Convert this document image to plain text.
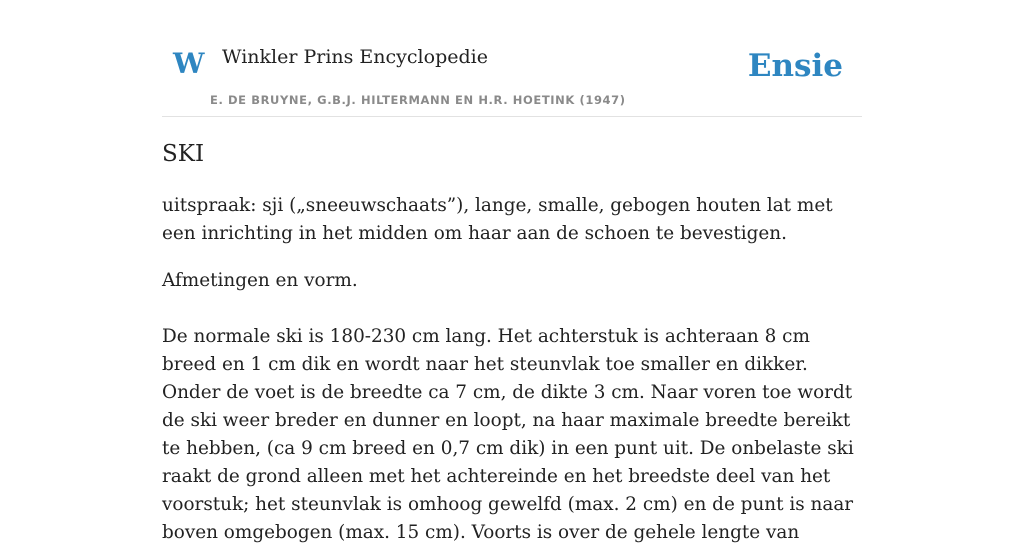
W Winkler Prins Encyclopedie
E. DE BRUYNE, G.B.J. HILTERMANN EN H.R. HOETINK (1947)
Ensie
SKI

uitspraak: sji („sneeuwschaats”), lange, smalle, gebogen houten lat met een inrichting in het midden om haar aan de schoen te bevestigen.

Afmetingen en vorm.

De normale ski is 180-230 cm lang. Het achterstuk is achteraan 8 cm breed en 1 cm dik en wordt naar het steunvlak toe smaller en dikker. Onder de voet is de breedte ca 7 cm, de dikte 3 cm. Naar voren toe wordt de ski weer breder en dunner en loopt, na haar maximale breedte bereikt te hebben, (ca 9 cm breed en 0,7 cm dik) in een punt uit. De onbelaste ski raakt de grond alleen met het achtereinde en het breedste deel van het voorstuk; het steunvlak is omhoog gewelfd (max. 2 cm) en de punt is naar boven omgebogen (max. 15 cm). Voorts is over de gehele lengte van
